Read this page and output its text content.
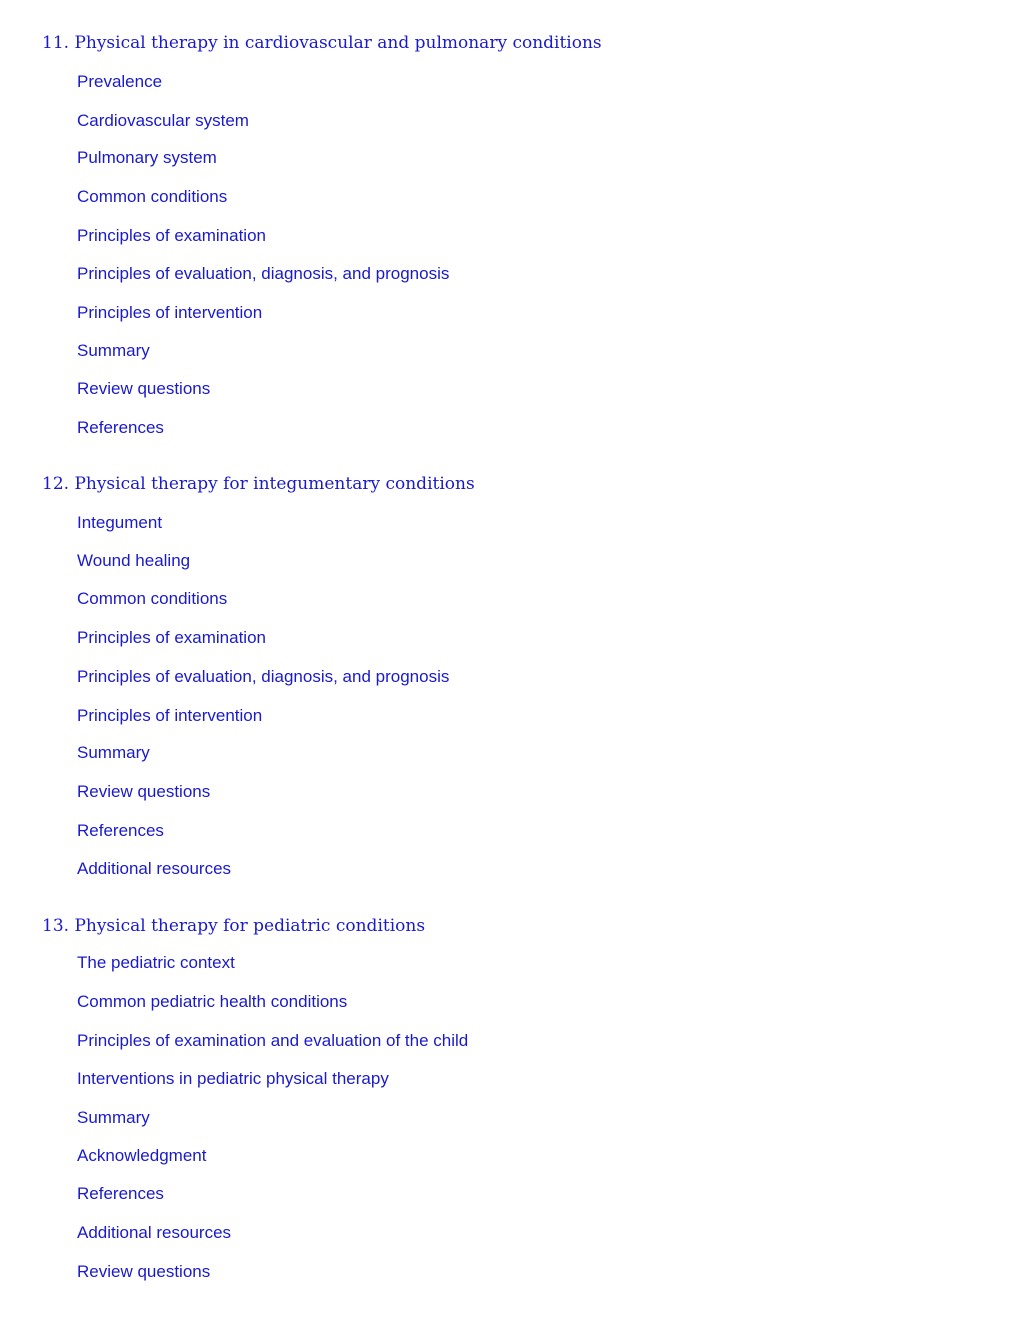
11. Physical therapy in cardiovascular and pulmonary conditions
Prevalence
Cardiovascular system
Pulmonary system
Common conditions
Principles of examination
Principles of evaluation, diagnosis, and prognosis
Principles of intervention
Summary
Review questions
References
12. Physical therapy for integumentary conditions
Integument
Wound healing
Common conditions
Principles of examination
Principles of evaluation, diagnosis, and prognosis
Principles of intervention
Summary
Review questions
References
Additional resources
13. Physical therapy for pediatric conditions
The pediatric context
Common pediatric health conditions
Principles of examination and evaluation of the child
Interventions in pediatric physical therapy
Summary
Acknowledgment
References
Additional resources
Review questions
